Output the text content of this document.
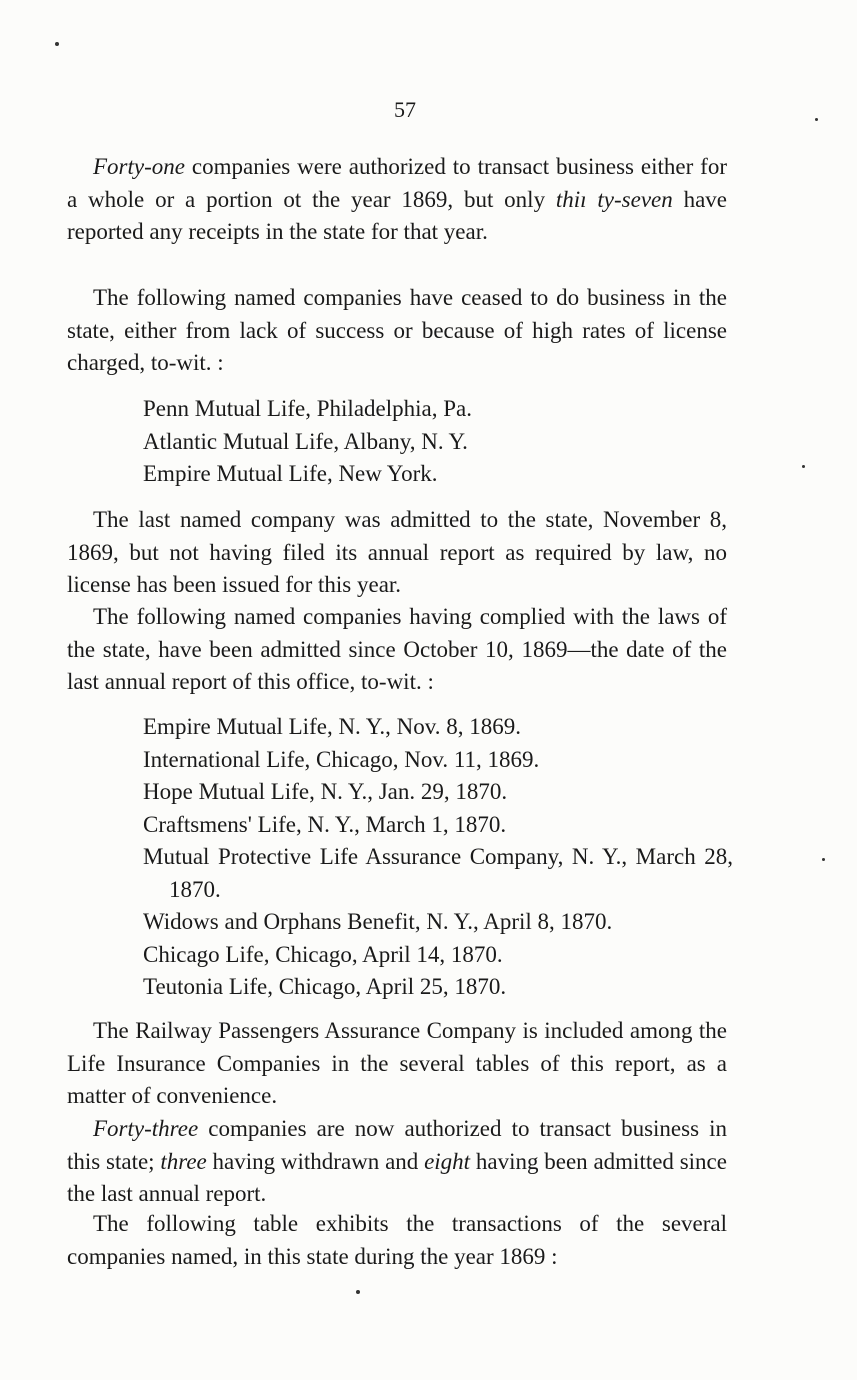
57

Forty-one companies were authorized to transact business either for a whole or a portion ot the year 1869, but only thiı ty-seven have reported any receipts in the state for that year.

The following named companies have ceased to do business in the state, either from lack of success or because of high rates of license charged, to-wit. :

Penn Mutual Life, Philadelphia, Pa.
Atlantic Mutual Life, Albany, N. Y.
Empire Mutual Life, New York.

The last named company was admitted to the state, November 8, 1869, but not having filed its annual report as required by law, no license has been issued for this year.

The following named companies having complied with the laws of the state, have been admitted since October 10, 1869—the date of the last annual report of this office, to-wit. :

Empire Mutual Life, N. Y., Nov. 8, 1869.
International Life, Chicago, Nov. 11, 1869.
Hope Mutual Life, N. Y., Jan. 29, 1870.
Craftsmens' Life, N. Y., March 1, 1870.
Mutual Protective Life Assurance Company, N. Y., March 28, 1870.
Widows and Orphans Benefit, N. Y., April 8, 1870.
Chicago Life, Chicago, April 14, 1870.
Teutonia Life, Chicago, April 25, 1870.

The Railway Passengers Assurance Company is included among the Life Insurance Companies in the several tables of this report, as a matter of convenience.

Forty-three companies are now authorized to transact business in this state; three having withdrawn and eight having been admitted since the last annual report.

The following table exhibits the transactions of the several companies named, in this state during the year 1869 :
